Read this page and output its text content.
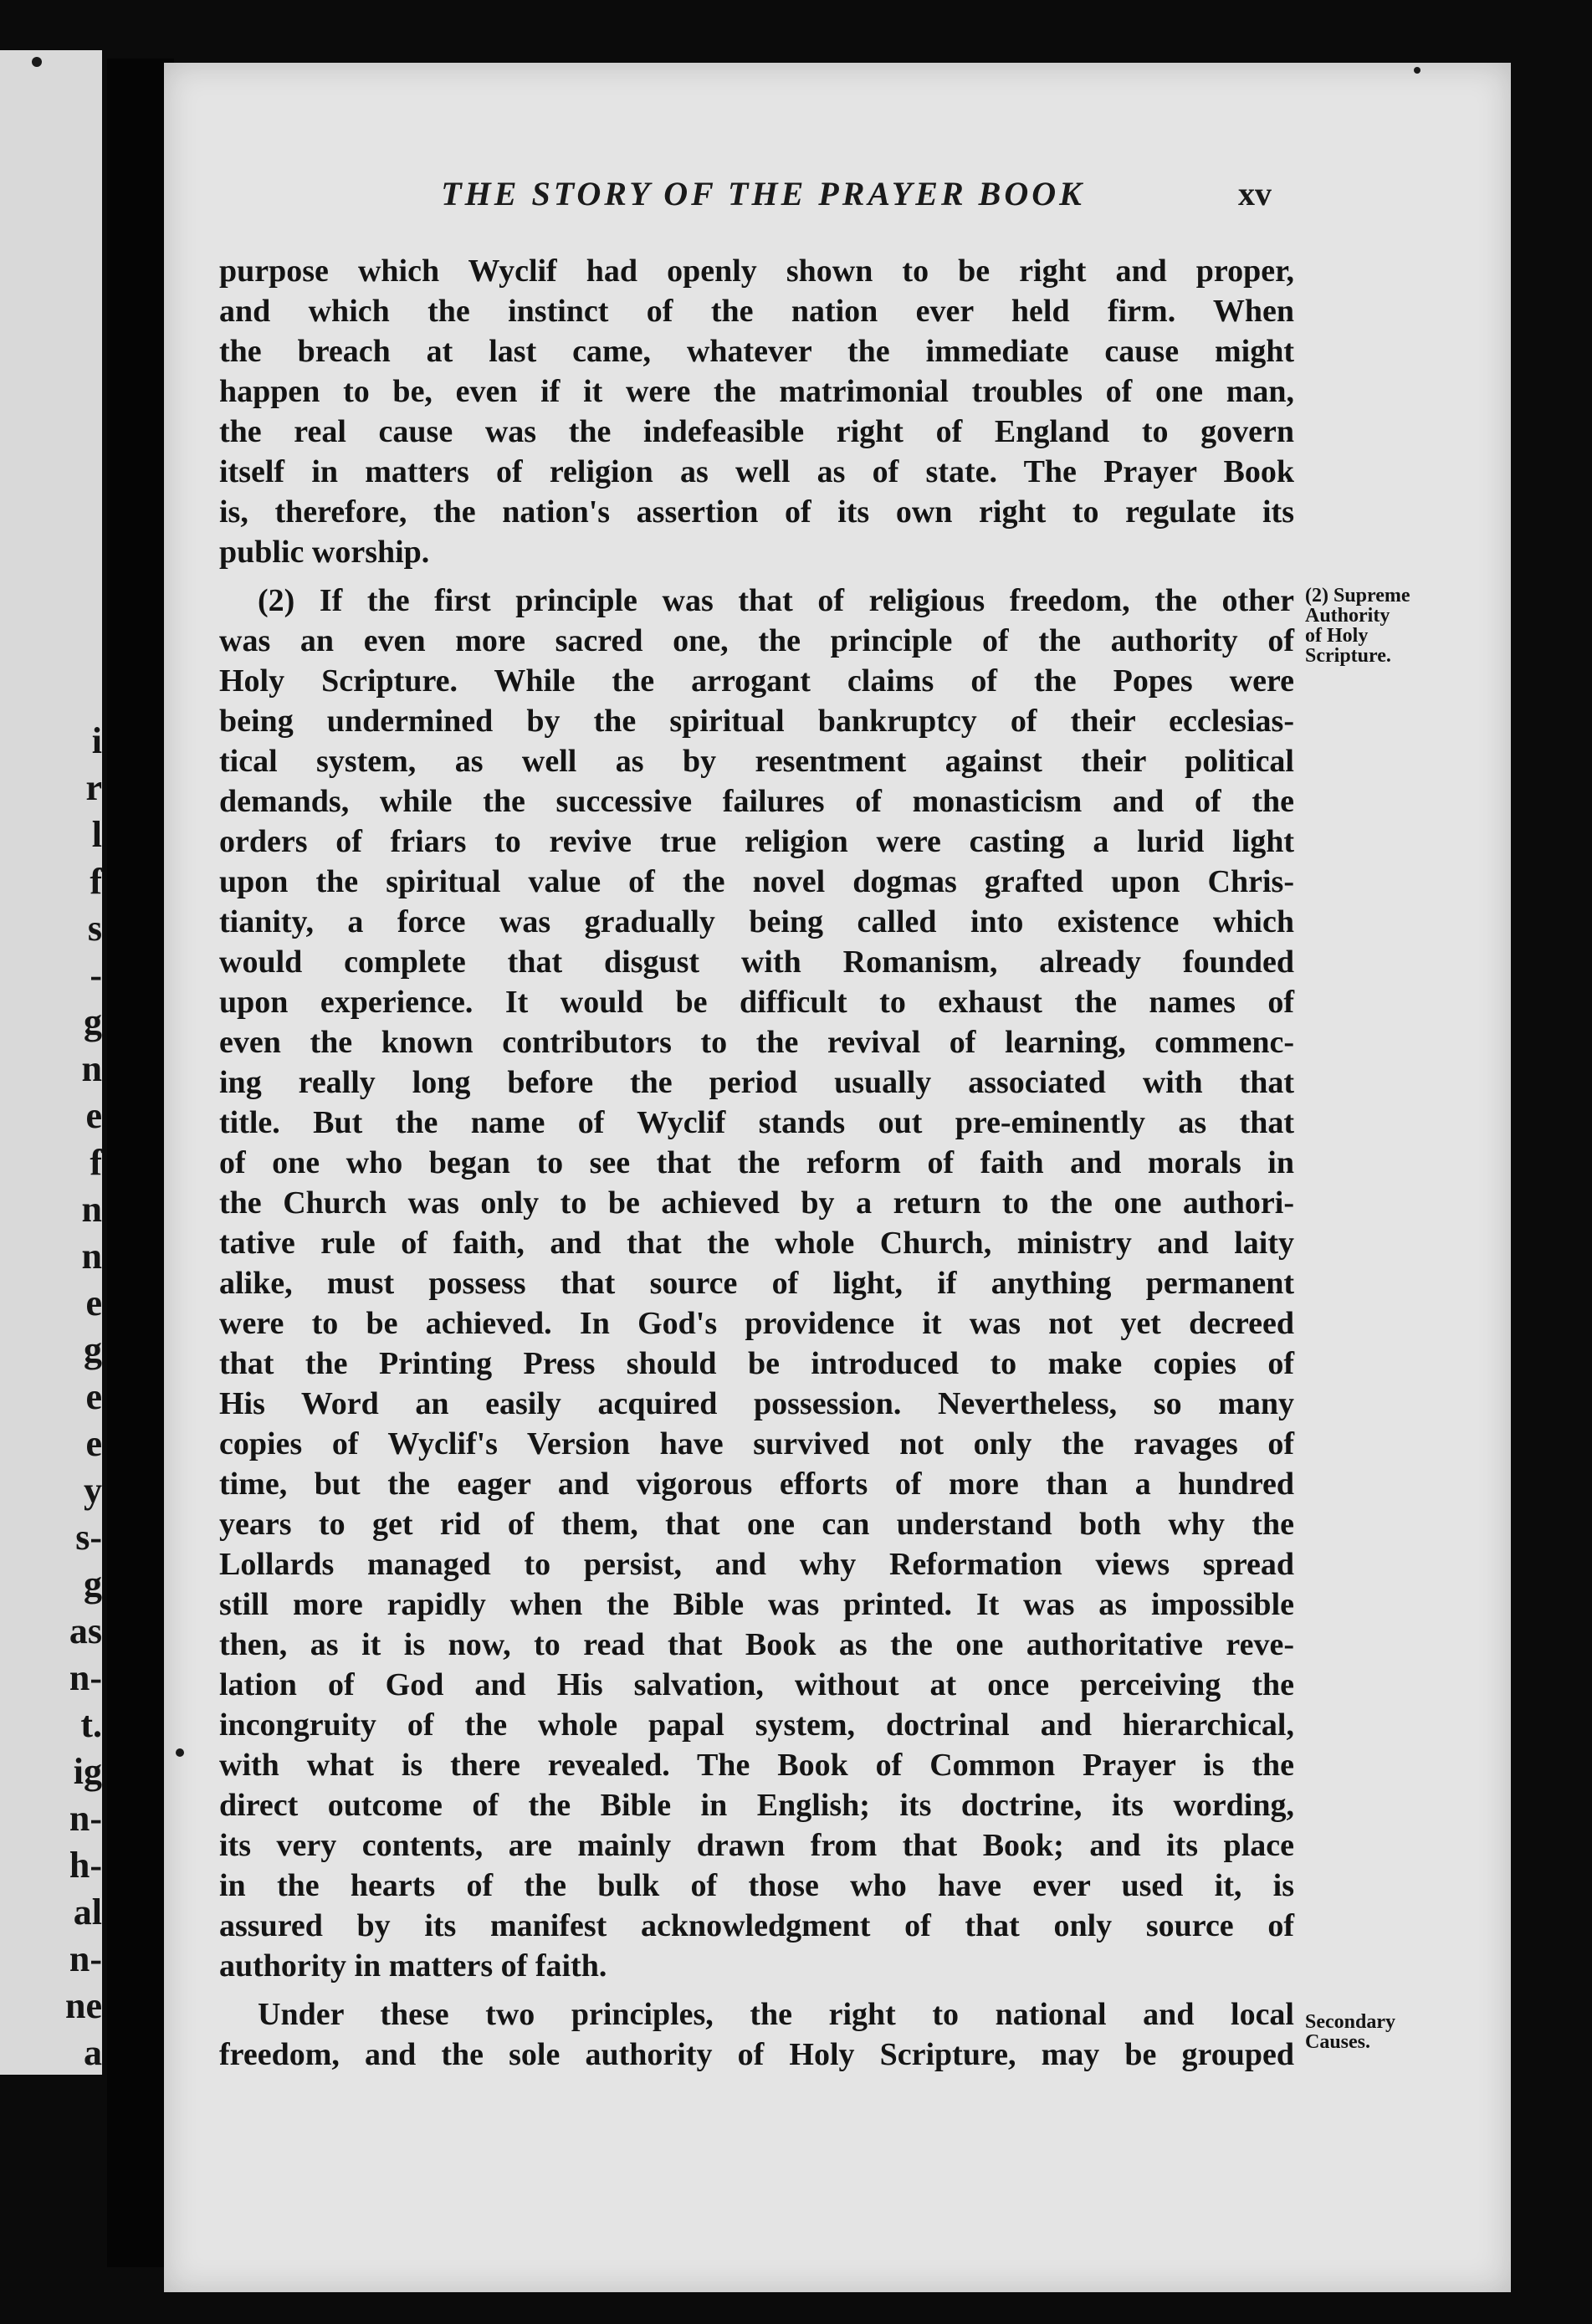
i
r
l
f
s
-
g
n
e
f
n
n
e
g
e
e
y
s-
g
as
n-
t.
ig
n-
h-
al
n-
ne
a
THE STORY OF THE PRAYER BOOK	xv
purpose which Wyclif had openly shown to be right and proper,
and which the instinct of the nation ever held firm. When
the breach at last came, whatever the immediate cause might
happen to be, even if it were the matrimonial troubles of one man,
the real cause was the indefeasible right of England to govern
itself in matters of religion as well as of state. The Prayer Book
is, therefore, the nation's assertion of its own right to regulate its
public worship.
(2) If the first principle was that of religious freedom, the other
was an even more sacred one, the principle of the authority of
Holy Scripture. While the arrogant claims of the Popes were
being undermined by the spiritual bankruptcy of their ecclesias-
tical system, as well as by resentment against their political
demands, while the successive failures of monasticism and of the
orders of friars to revive true religion were casting a lurid light
upon the spiritual value of the novel dogmas grafted upon Chris-
tianity, a force was gradually being called into existence which
would complete that disgust with Romanism, already founded
upon experience. It would be difficult to exhaust the names of
even the known contributors to the revival of learning, commenc-
ing really long before the period usually associated with that
title. But the name of Wyclif stands out pre-eminently as that
of one who began to see that the reform of faith and morals in
the Church was only to be achieved by a return to the one authori-
tative rule of faith, and that the whole Church, ministry and laity
alike, must possess that source of light, if anything permanent
were to be achieved. In God's providence it was not yet decreed
that the Printing Press should be introduced to make copies of
His Word an easily acquired possession. Nevertheless, so many
copies of Wyclif's Version have survived not only the ravages of
time, but the eager and vigorous efforts of more than a hundred
years to get rid of them, that one can understand both why the
Lollards managed to persist, and why Reformation views spread
still more rapidly when the Bible was printed. It was as impossible
then, as it is now, to read that Book as the one authoritative reve-
lation of God and His salvation, without at once perceiving the
incongruity of the whole papal system, doctrinal and hierarchical,
with what is there revealed. The Book of Common Prayer is the
direct outcome of the Bible in English; its doctrine, its wording,
its very contents, are mainly drawn from that Book; and its place
in the hearts of the bulk of those who have ever used it, is
assured by its manifest acknowledgment of that only source of
authority in matters of faith.
Under these two principles, the right to national and local
freedom, and the sole authority of Holy Scripture, may be grouped
(2) Supreme
Authority
of Holy
Scripture.
Secondary
Causes.
